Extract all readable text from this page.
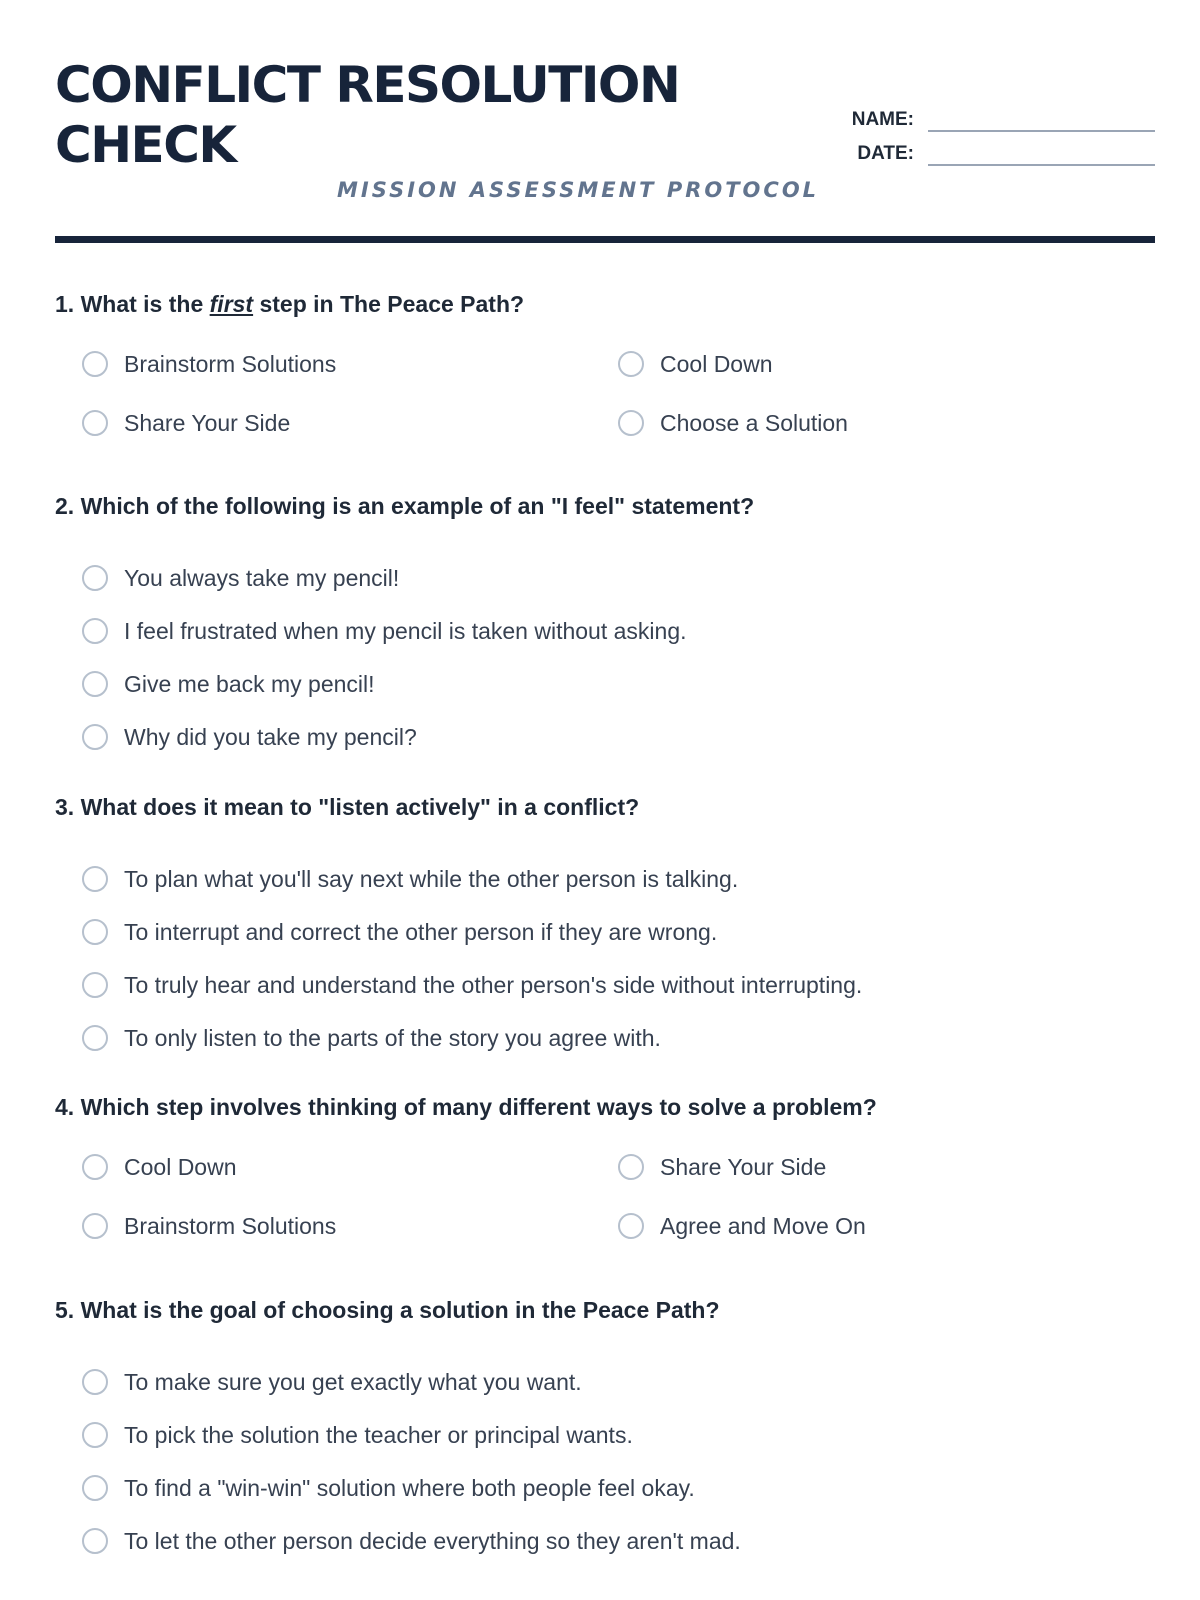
CONFLICT RESOLUTION CHECK
MISSION ASSESSMENT PROTOCOL
NAME:
DATE:

1. What is the first step in The Peace Path?

Brainstorm Solutions	Cool Down
Share Your Side	Choose a Solution

2. Which of the following is an example of an "I feel" statement?

You always take my pencil!
I feel frustrated when my pencil is taken without asking.
Give me back my pencil!
Why did you take my pencil?

3. What does it mean to "listen actively" in a conflict?

To plan what you'll say next while the other person is talking.
To interrupt and correct the other person if they are wrong.
To truly hear and understand the other person's side without interrupting.
To only listen to the parts of the story you agree with.

4. Which step involves thinking of many different ways to solve a problem?

Cool Down	Share Your Side
Brainstorm Solutions	Agree and Move On

5. What is the goal of choosing a solution in the Peace Path?

To make sure you get exactly what you want.
To pick the solution the teacher or principal wants.
To find a "win-win" solution where both people feel okay.
To let the other person decide everything so they aren't mad.
